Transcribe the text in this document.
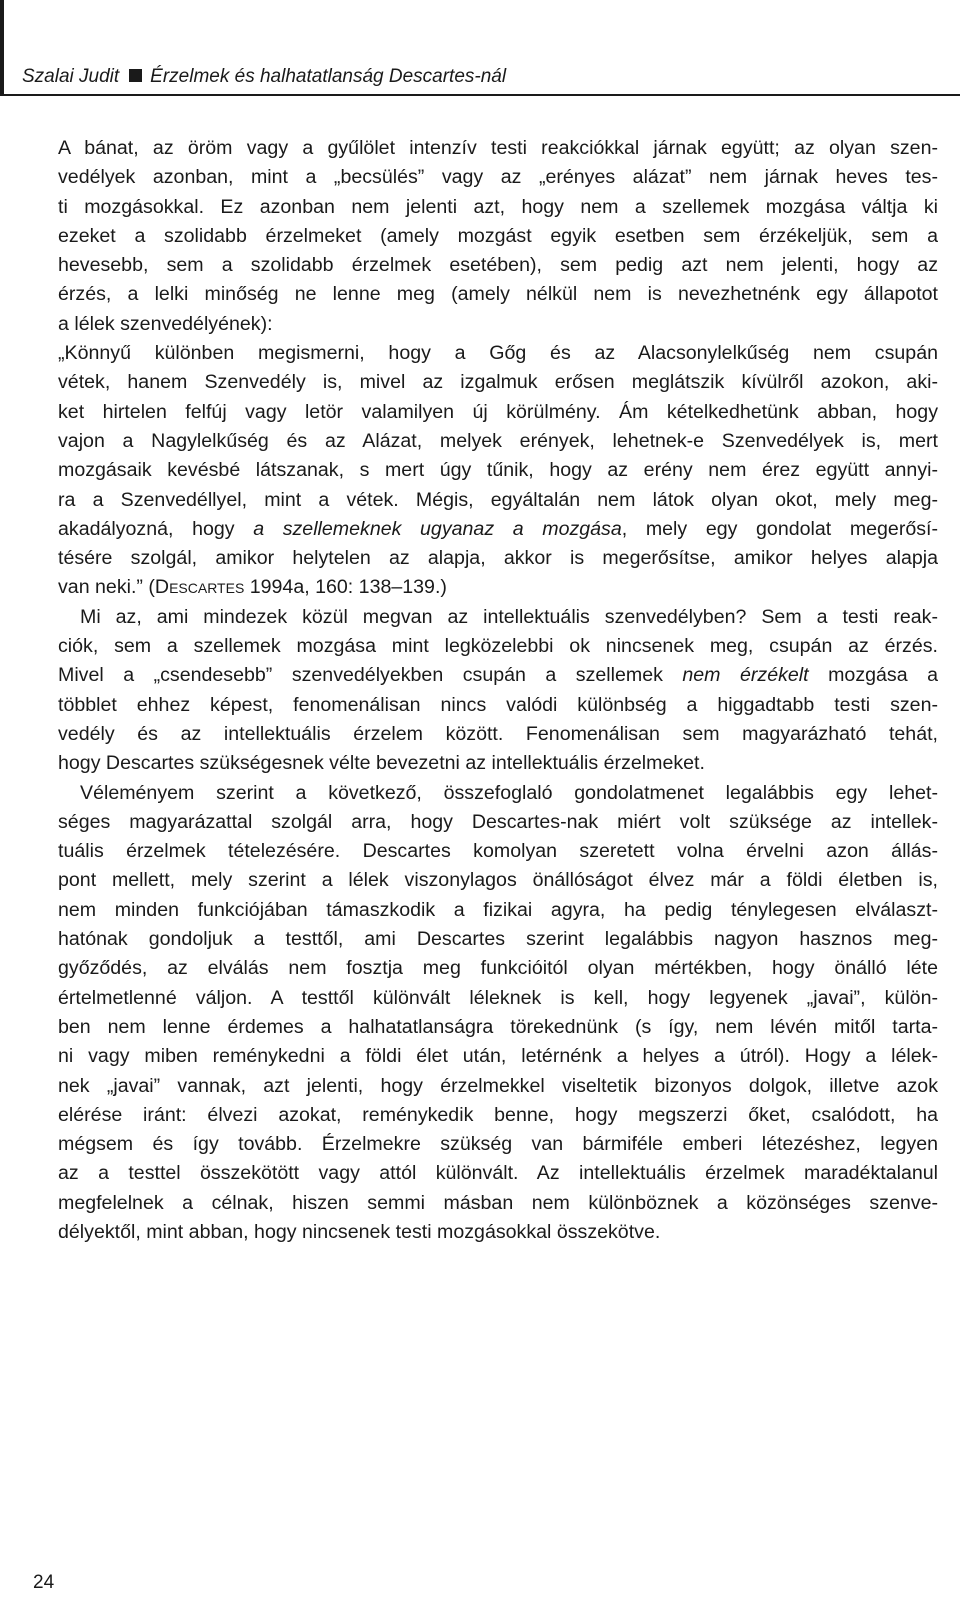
Szalai Judit Érzelmek és halhatatlanság Descartes-nál
A bánat, az öröm vagy a gyűlölet intenzív testi reakciókkal járnak együtt; az olyan szen-
vedélyek azonban, mint a „becsülés” vagy az „erényes alázat” nem járnak heves tes-
ti mozgásokkal. Ez azonban nem jelenti azt, hogy nem a szellemek mozgása váltja ki
ezeket a szolidabb érzelmeket (amely mozgást egyik esetben sem érzékeljük, sem a
hevesebb, sem a szolidabb érzelmek esetében), sem pedig azt nem jelenti, hogy az
érzés, a lelki minőség ne lenne meg (amely nélkül nem is nevezhetnénk egy állapotot
a lélek szenvedélyének):
„Könnyű különben megismerni, hogy a Gőg és az Alacsonylelkűség nem csupán
vétek, hanem Szenvedély is, mivel az izgalmuk erősen meglátszik kívülről azokon, aki-
ket hirtelen felfúj vagy letör valamilyen új körülmény. Ám kételkedhetünk abban, hogy
vajon a Nagylelkűség és az Alázat, melyek erények, lehetnek-e Szenvedélyek is, mert
mozgásaik kevésbé látszanak, s mert úgy tűnik, hogy az erény nem érez együtt annyi-
ra a Szenvedéllyel, mint a vétek. Mégis, egyáltalán nem látok olyan okot, mely meg-
akadályozná, hogy a szellemeknek ugyanaz a mozgása, mely egy gondolat megerősí-
tésére szolgál, amikor helytelen az alapja, akkor is megerősítse, amikor helyes alapja
van neki.” (Descartes 1994a, 160: 138–139.)
Mi az, ami mindezek közül megvan az intellektuális szenvedélyben? Sem a testi reak-
ciók, sem a szellemek mozgása mint legközelebbi ok nincsenek meg, csupán az érzés.
Mivel a „csendesebb” szenvedélyekben csupán a szellemek nem érzékelt mozgása a
többlet ehhez képest, fenomenálisan nincs valódi különbség a higgadtabb testi szen-
vedély és az intellektuális érzelem között. Fenomenálisan sem magyarázható tehát,
hogy Descartes szükségesnek vélte bevezetni az intellektuális érzelmeket.
Véleményem szerint a következő, összefoglaló gondolatmenet legalábbis egy lehet-
séges magyarázattal szolgál arra, hogy Descartes-nak miért volt szüksége az intellek-
tuális érzelmek tételezésére. Descartes komolyan szeretett volna érvelni azon állás-
pont mellett, mely szerint a lélek viszonylagos önállóságot élvez már a földi életben is,
nem minden funkciójában támaszkodik a fizikai agyra, ha pedig ténylegesen elválaszt-
hatónak gondoljuk a testtől, ami Descartes szerint legalábbis nagyon hasznos meg-
győződés, az elválás nem fosztja meg funkcióitól olyan mértékben, hogy önálló léte
értelmetlenné váljon. A testtől különvált léleknek is kell, hogy legyenek „javai”, külön-
ben nem lenne érdemes a halhatatlanságra törekednünk (s így, nem lévén mitől tarta-
ni vagy miben reménykedni a földi élet után, letérnénk a helyes a útról). Hogy a lélek-
nek „javai” vannak, azt jelenti, hogy érzelmekkel viseltetik bizonyos dolgok, illetve azok
elérése iránt: élvezi azokat, reménykedik benne, hogy megszerzi őket, csalódott, ha
mégsem és így tovább. Érzelmekre szükség van bármiféle emberi létezéshez, legyen
az a testtel összekötött vagy attól különvált. Az intellektuális érzelmek maradéktalanul
megfelelnek a célnak, hiszen semmi másban nem különböznek a közönséges szenve-
délyektől, mint abban, hogy nincsenek testi mozgásokkal összekötve.
24
